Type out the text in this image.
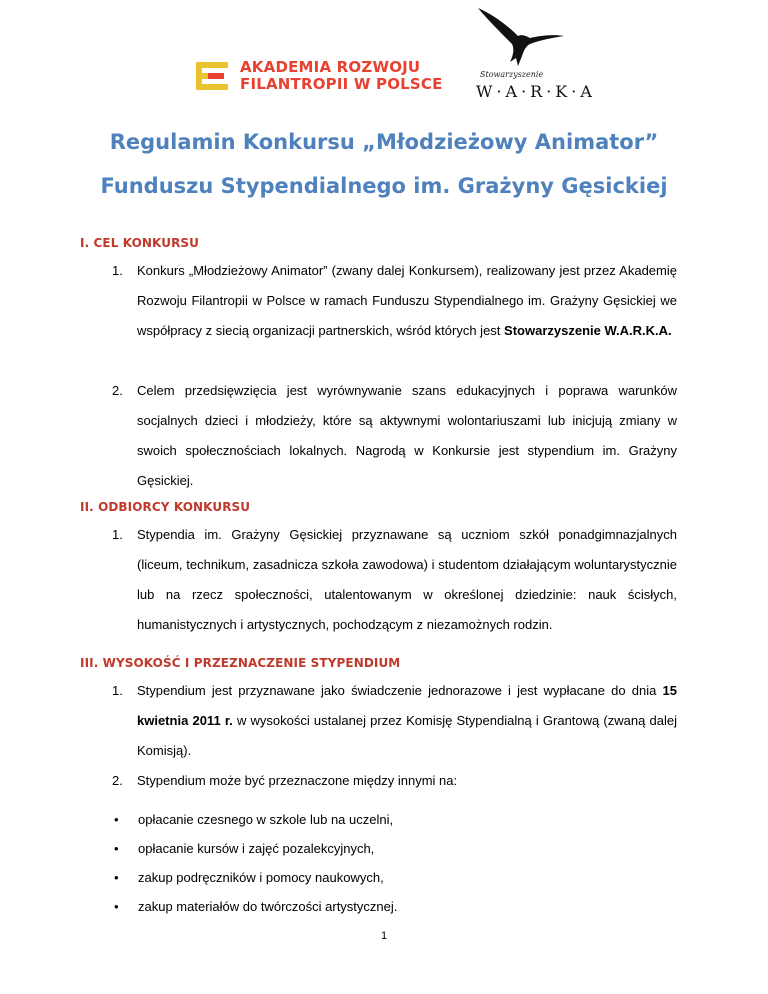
AKADEMIA ROZWOJU
FILANTROPII W POLSCE
Stowarzyszenie
W·A·R·K·A
Regulamin Konkursu „Młodzieżowy Animator”
Funduszu Stypendialnego im. Grażyny Gęsickiej
I. CEL KONKURSU
1. Konkurs „Młodzieżowy Animator” (zwany dalej Konkursem), realizowany jest przez Akademię Rozwoju Filantropii w Polsce w ramach Funduszu Stypendialnego im. Grażyny Gęsickiej we współpracy z siecią organizacji partnerskich, wśród których jest Stowarzyszenie W.A.R.K.A.
2. Celem przedsięwzięcia jest wyrównywanie szans edukacyjnych i poprawa warunków socjalnych dzieci i młodzieży, które są aktywnymi wolontariuszami lub inicjują zmiany w swoich społecznościach lokalnych. Nagrodą w Konkursie jest stypendium im. Grażyny Gęsickiej.
II. ODBIORCY KONKURSU
1. Stypendia im. Grażyny Gęsickiej przyznawane są uczniom szkół ponadgimnazjalnych (liceum, technikum, zasadnicza szkoła zawodowa) i studentom działającym woluntarystycznie lub na rzecz społeczności, utalentowanym w określonej dziedzinie: nauk ścisłych, humanistycznych i artystycznych, pochodzącym z niezamożnych rodzin.
III. WYSOKOŚĆ I PRZEZNACZENIE STYPENDIUM
1. Stypendium jest przyznawane jako świadczenie jednorazowe i jest wypłacane do dnia 15 kwietnia 2011 r. w wysokości ustalanej przez Komisję Stypendialną i Grantową (zwaną dalej Komisją).
2. Stypendium może być przeznaczone między innymi na:
• opłacanie czesnego w szkole lub na uczelni,
• opłacanie kursów i zajęć pozalekcyjnych,
• zakup podręczników i pomocy naukowych,
• zakup materiałów do twórczości artystycznej.
1
